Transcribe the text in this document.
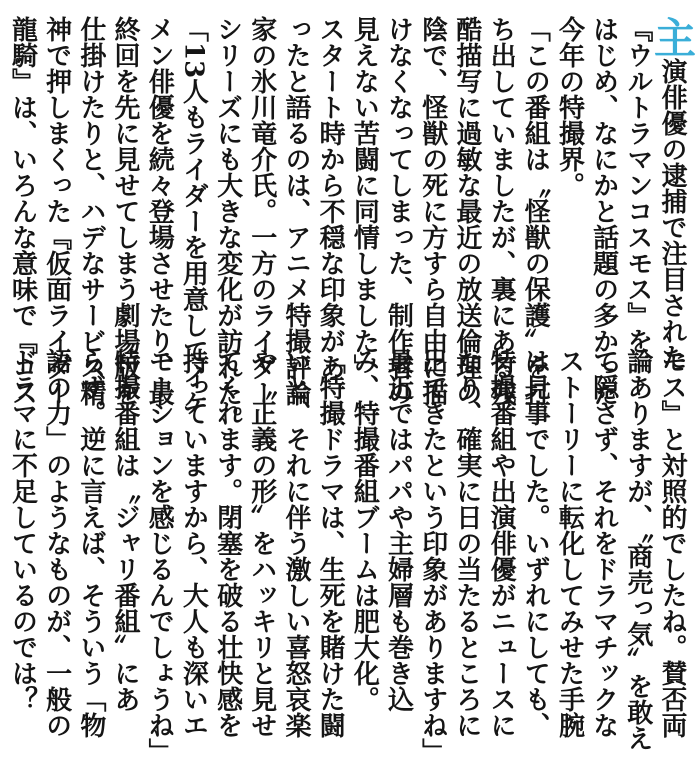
主演俳優の逮捕で注目された
『ウルトラマンコスモス』を
はじめ、なにかと話題の多かった
今年の特撮界。
「この番組は〝怪獣の保護〟を打
ち出していましたが、裏にある残
酷描写に過敏な最近の放送倫理の
陰で、怪獣の死に方すら自由に描
けなくなってしまった、制作者の
見えない苦闘に同情しました」
スタート時から不穏な印象があ
ったと語るのは、アニメ特撮評論
家の氷川竜介氏。一方のライダー
シリーズにも大きな変化が訪れた。
「13人もライダーを用意してイケ
メン俳優を続々登場させたり、最
終回を先に見せてしまう劇場版を
仕掛けたりと、ハデなサービス精
神で押しまくった『仮面ライダー
龍騎』は、いろんな意味で『コス
モス』と対照的でしたね。賛否両
論ありますが、〝商売っ気〟を敢え
て隠さず、それをドラマチックな
ストーリーに転化してみせた手腕
は見事でした。いずれにしても、
特撮番組や出演俳優がニュースに
なり、確実に日の当たるところに
出てきたという印象がありますね」
最近ではパパや主婦層も巻き込
み、特撮番組ブームは肥大化。
「特撮ドラマは、生死を賭けた闘
いと、それに伴う激しい喜怒哀楽
や〝正義の形〟をハッキリと見せ
てくれます。閉塞を破る壮快感を
持っていますから、大人も深いエ
モーションを感じるんでしょうね」
特撮番組は〝ジャリ番組〟にあ
らず。逆に言えば、そういう「物
語の力」のようなものが、一般の
ドラマに不足しているのでは？
